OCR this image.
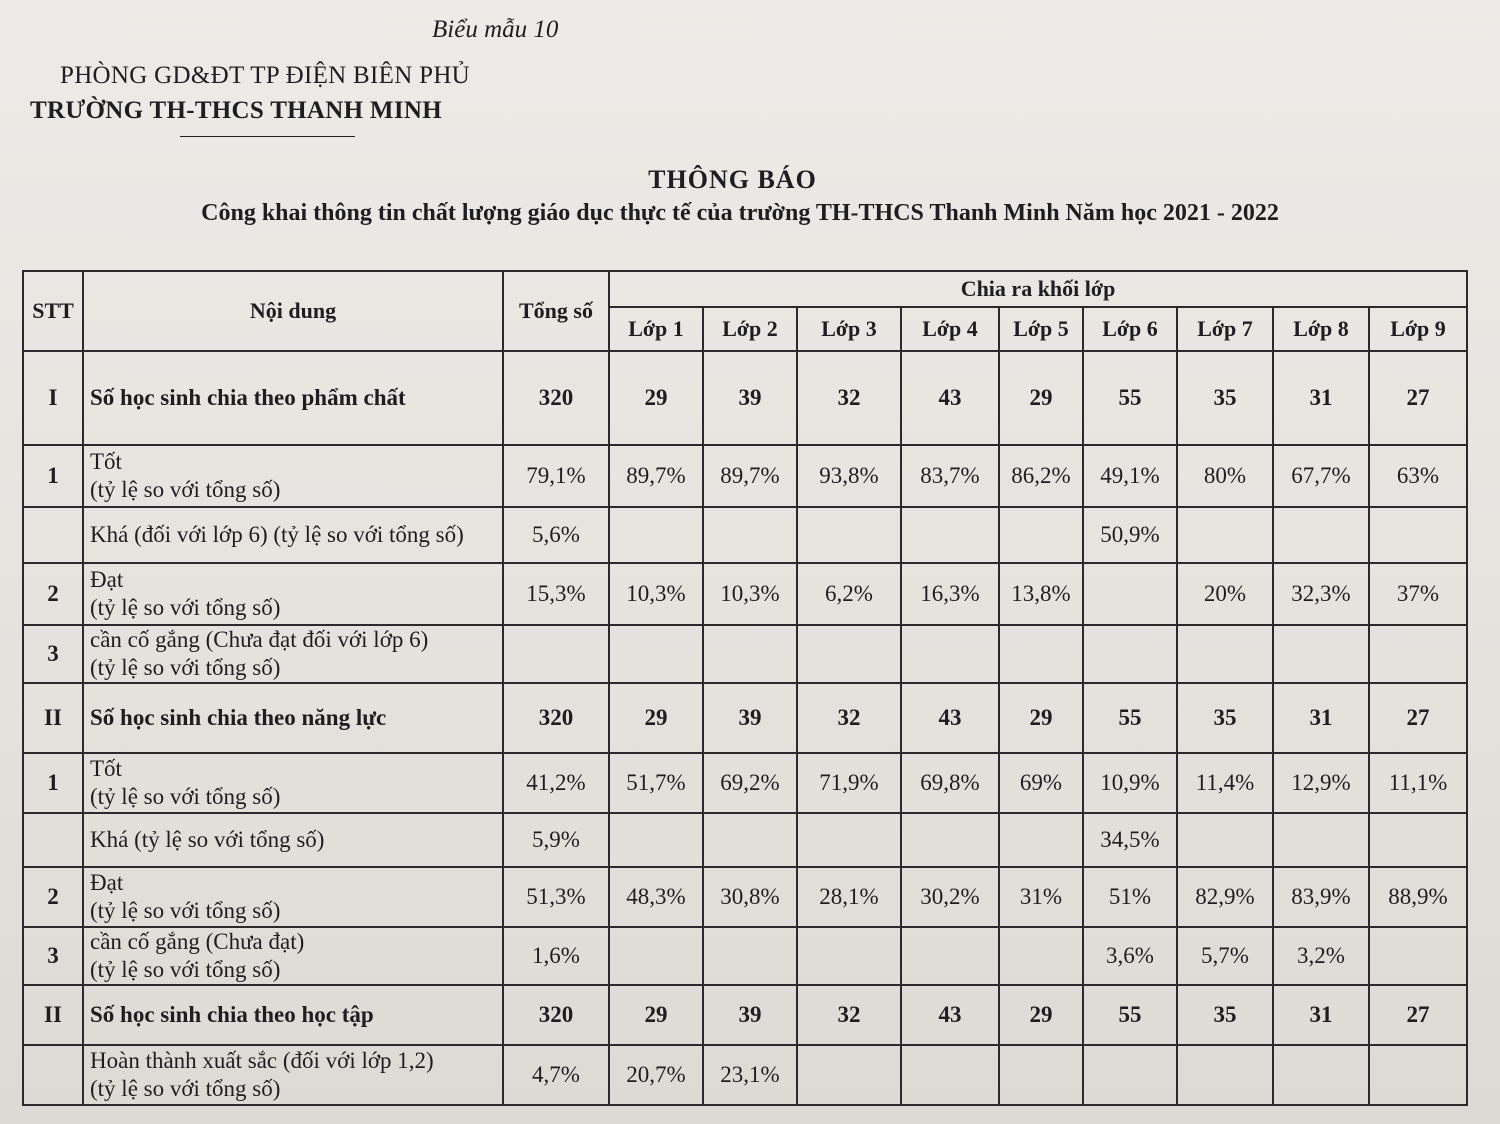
Biểu mẫu 10
PHÒNG GD&ĐT TP ĐIỆN BIÊN PHỦ
TRƯỜNG TH-THCS THANH MINH
THÔNG BÁO
Công khai thông tin chất lượng giáo dục thực tế của trường TH-THCS Thanh Minh Năm học 2021 - 2022
STT	Nội dung	Tổng số	Chia ra khối lớp								
			Lớp 1	Lớp 2	Lớp 3	Lớp 4	Lớp 5	Lớp 6	Lớp 7	Lớp 8	Lớp 9
I	Số học sinh chia theo phẩm chất	320	29	39	32	43	29	55	35	31	27
1	Tốt
(tỷ lệ so với tổng số)	79,1%	89,7%	89,7%	93,8%	83,7%	86,2%	49,1%	80%	67,7%	63%

	Khá (đối với lớp 6) (tỷ lệ so với tổng số)	5,6%						50,9%			
2	Đạt
(tỷ lệ so với tổng số)	15,3%	10,3%	10,3%	6,2%	16,3%	13,8%		20%	32,3%	37%
3	cần cố gắng (Chưa đạt đối với lớp 6)
(tỷ lệ so với tổng số)										

II	Số học sinh chia theo năng lực	320	29	39	32	43	29	55	35	31	27
1	Tốt
(tỷ lệ so với tổng số)	41,2%	51,7%	69,2%	71,9%	69,8%	69%	10,9%	11,4%	12,9%	11,1%

	Khá (tỷ lệ so với tổng số)	5,9%						34,5%			
2	Đạt
(tỷ lệ so với tổng số)	51,3%	48,3%	30,8%	28,1%	30,2%	31%	51%	82,9%	83,9%	88,9%
3	cần cố gắng (Chưa đạt)
(tỷ lệ so với tổng số)	1,6%						3,6%	5,7%	3,2%	
II	Số học sinh chia theo học tập	320	29	39	32	43	29	55	35	31	27

	Hoàn thành xuất sắc (đối với lớp 1,2)
(tỷ lệ so với tổng số)	4,7%	20,7%	23,1%							
